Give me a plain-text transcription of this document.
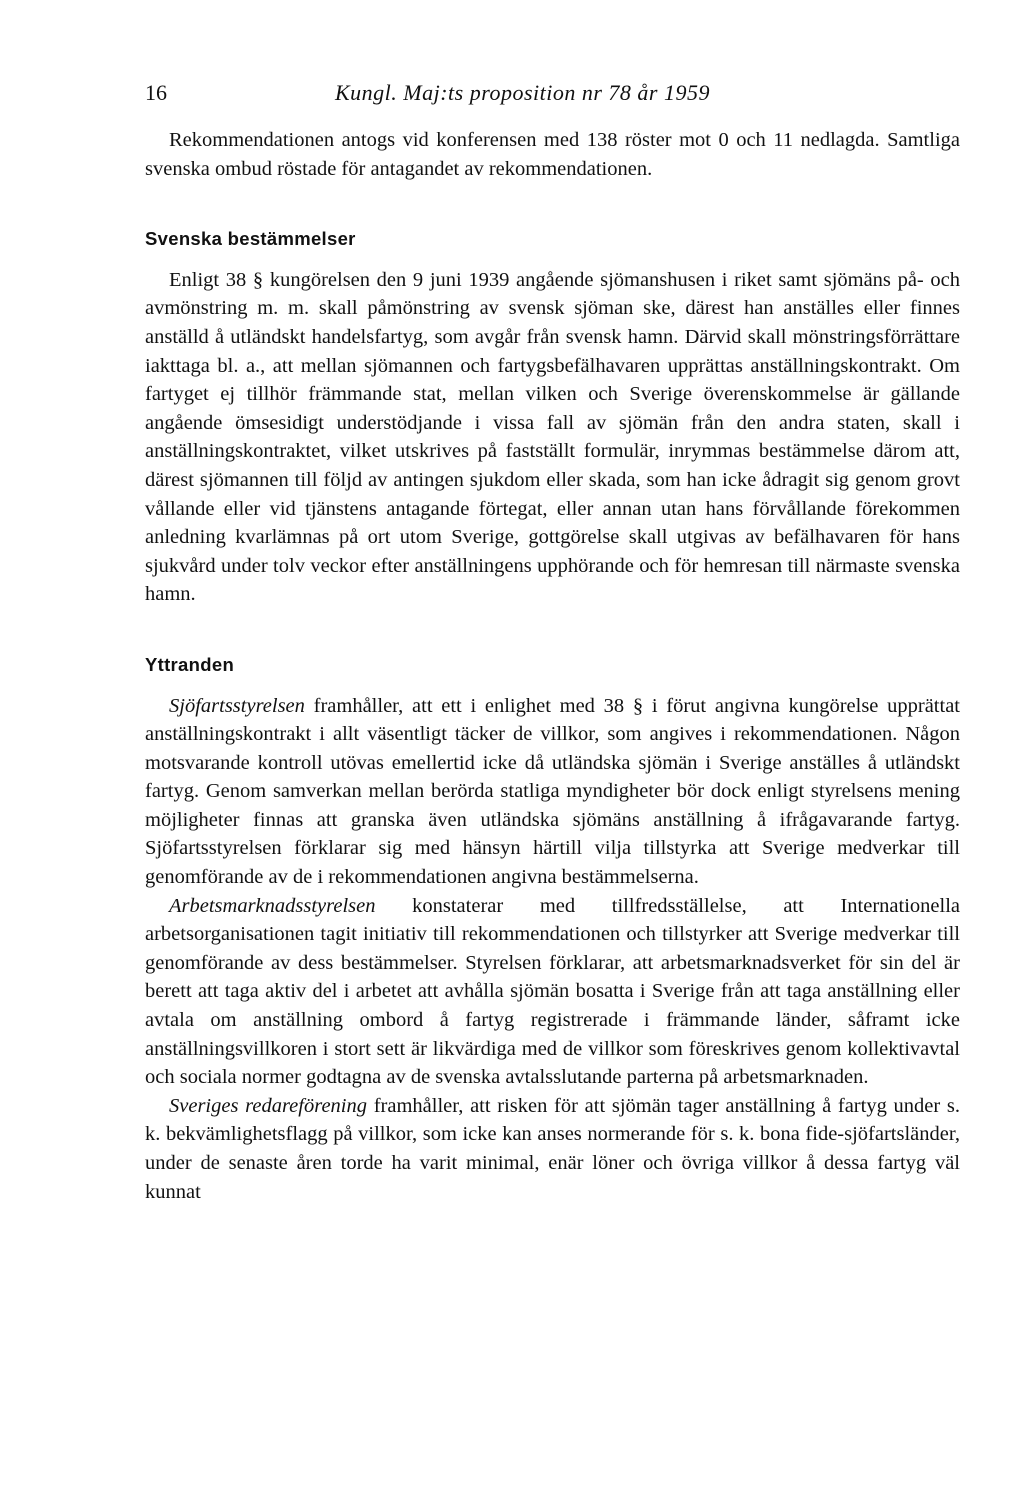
16	Kungl. Maj:ts proposition nr 78 år 1959

Rekommendationen antogs vid konferensen med 138 röster mot 0 och 11 nedlagda. Samtliga svenska ombud röstade för antagandet av rekommendationen.

Svenska bestämmelser

Enligt 38 § kungörelsen den 9 juni 1939 angående sjömanshusen i riket samt sjömäns på- och avmönstring m. m. skall påmönstring av svensk sjöman ske, därest han anställes eller finnes anställd å utländskt handelsfartyg, som avgår från svensk hamn. Därvid skall mönstringsförrättare iakttaga bl. a., att mellan sjömannen och fartygsbefälhavaren upprättas anställningskontrakt. Om fartyget ej tillhör främmande stat, mellan vilken och Sverige överenskommelse är gällande angående ömsesidigt understödjande i vissa fall av sjömän från den andra staten, skall i anställningskontraktet, vilket utskrives på fastställt formulär, inrymmas bestämmelse därom att, därest sjömannen till följd av antingen sjukdom eller skada, som han icke ådragit sig genom grovt vållande eller vid tjänstens antagande förtegat, eller annan utan hans förvållande förekommen anledning kvarlämnas på ort utom Sverige, gottgörelse skall utgivas av befälhavaren för hans sjukvård under tolv veckor efter anställningens upphörande och för hemresan till närmaste svenska hamn.

Yttranden

Sjöfartsstyrelsen framhåller, att ett i enlighet med 38 § i förut angivna kungörelse upprättat anställningskontrakt i allt väsentligt täcker de villkor, som angives i rekommendationen. Någon motsvarande kontroll utövas emellertid icke då utländska sjömän i Sverige anställes å utländskt fartyg. Genom samverkan mellan berörda statliga myndigheter bör dock enligt styrelsens mening möjligheter finnas att granska även utländska sjömäns anställning å ifrågavarande fartyg. Sjöfartsstyrelsen förklarar sig med hänsyn härtill vilja tillstyrka att Sverige medverkar till genomförande av de i rekommendationen angivna bestämmelserna.

Arbetsmarknadsstyrelsen konstaterar med tillfredsställelse, att Internationella arbetsorganisationen tagit initiativ till rekommendationen och tillstyrker att Sverige medverkar till genomförande av dess bestämmelser. Styrelsen förklarar, att arbetsmarknadsverket för sin del är berett att taga aktiv del i arbetet att avhålla sjömän bosatta i Sverige från att taga anställning eller avtala om anställning ombord å fartyg registrerade i främmande länder, såframt icke anställningsvillkoren i stort sett är likvärdiga med de villkor som föreskrives genom kollektivavtal och sociala normer godtagna av de svenska avtalsslutande parterna på arbetsmarknaden.

Sveriges redareförening framhåller, att risken för att sjömän tager anställning å fartyg under s. k. bekvämlighetsflagg på villkor, som icke kan anses normerande för s. k. bona fide-sjöfartsländer, under de senaste åren torde ha varit minimal, enär löner och övriga villkor å dessa fartyg väl kunnat
